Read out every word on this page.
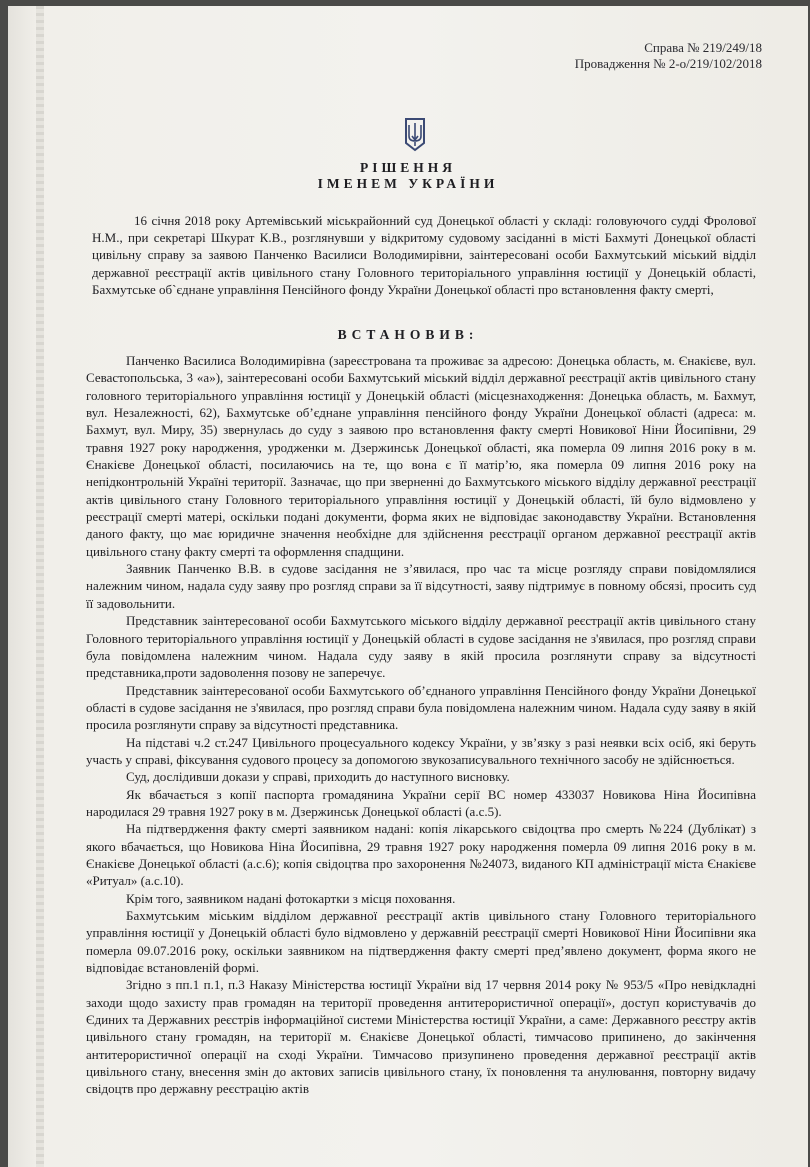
Справа № 219/249/18
Провадження № 2-о/219/102/2018
РІШЕННЯ
ІМЕНЕМ УКРАЇНИ
16 січня 2018 року Артемівський міськрайонний суд Донецької області у складі: головуючого судді Фролової Н.М., при секретарі Шкурат К.В., розглянувши у відкритому судовому засіданні в місті Бахмуті Донецької області цивільну справу за заявою Панченко Василиси Володимирівни, заінтересовані особи Бахмутський міський відділ державної реєстрації актів цивільного стану Головного територіального управління юстиції у Донецькій області, Бахмутське об`єднане управління Пенсійного фонду України Донецької області про встановлення факту смерті,
ВСТАНОВИВ:

Панченко Василиса Володимирівна (зареєстрована та проживає за адресою: Донецька область, м. Єнакієве, вул. Севастопольська, 3 «а»), заінтересовані особи Бахмутський міський відділ державної реєстрації актів цивільного стану головного територіального управління юстиції у Донецькій області (місцезнаходження: Донецька область, м. Бахмут, вул. Незалежності, 62), Бахмутське об’єднане управління пенсійного фонду України Донецької області (адреса: м. Бахмут, вул. Миру, 35) звернулась до суду з заявою про встановлення факту смерті Новикової Ніни Йосипівни, 29 травня 1927 року народження, уродженки м. Дзержинськ Донецької області, яка померла 09 липня 2016 року в м. Єнакієве Донецької області, посилаючись на те, що вона є її матір’ю, яка померла 09 липня 2016 року на непідконтрольній Україні території. Зазначає, що при зверненні до Бахмутського міського відділу державної реєстрації актів цивільного стану Головного територіального управління юстиції у Донецькій області, їй було відмовлено у реєстрації смерті матері, оскільки подані документи, форма яких не відповідає законодавству України. Встановлення даного факту, що має юридичне значення необхідне для здійснення реєстрації органом державної реєстрації актів цивільного стану факту смерті та оформлення спадщини.

Заявник Панченко В.В. в судове засідання не з’явилася, про час та місце розгляду справи повідомлялися належним чином, надала суду заяву про розгляд справи за її відсутності, заяву підтримує в повному обсязі, просить суд її задовольнити.

Представник заінтересованої особи Бахмутського міського відділу державної реєстрації актів цивільного стану Головного територіального управління юстиції у Донецькій області в судове засідання не з'явилася, про розгляд справи була повідомлена належним чином. Надала суду заяву в якій просила розглянути справу за відсутності представника,проти задоволення позову не заперечує.

Представник заінтересованої особи Бахмутського об’єднаного управління Пенсійного фонду України Донецької області в судове засідання не з'явилася, про розгляд справи була повідомлена належним чином. Надала суду заяву в якій просила розглянути справу за відсутності представника.

На підставі ч.2 ст.247 Цивільного процесуального кодексу України, у зв’язку з разі неявки всіх осіб, які беруть участь у справі, фіксування судового процесу за допомогою звукозаписувального технічного засобу не здійснюється.

Суд, дослідивши докази у справі, приходить до наступного висновку.

Як вбачається з копії паспорта громадянина України серії ВС номер 433037 Новикова Ніна Йосипівна народилася 29 травня 1927 року в м. Дзержинськ Донецької області (а.с.5).

На підтвердження факту смерті заявником надані: копія лікарського свідоцтва про смерть №224 (Дублікат) з якого вбачається, що Новикова Ніна Йосипівна, 29 травня 1927 року народження померла 09 липня 2016 року в м. Єнакієве Донецької області (а.с.6); копія свідоцтва про захоронення №24073, виданого КП адміністрації міста Єнакієве «Ритуал» (а.с.10).

Крім того, заявником надані фотокартки з місця поховання.

Бахмутським міським відділом державної реєстрації актів цивільного стану Головного територіального управління юстиції у Донецькій області було відмовлено у державній реєстрації смерті Новикової Ніни Йосипівни яка померла 09.07.2016 року, оскільки заявником на підтвердження факту смерті пред’явлено документ, форма якого не відповідає встановленій формі.

Згідно з пп.1 п.1, п.3 Наказу Міністерства юстиції України від 17 червня 2014 року № 953/5 «Про невідкладні заходи щодо захисту прав громадян на території проведення антитерористичної операції», доступ користувачів до Єдиних та Державних реєстрів інформаційної системи Міністерства юстиції України, а саме: Державного реєстру актів цивільного стану громадян, на території м. Єнакієве Донецької області, тимчасово припинено, до закінчення антитерористичної операції на сході України. Тимчасово призупинено проведення державної реєстрації актів цивільного стану, внесення змін до актових записів цивільного стану, їх поновлення та анулювання, повторну видачу свідоцтв про державну реєстрацію актів
